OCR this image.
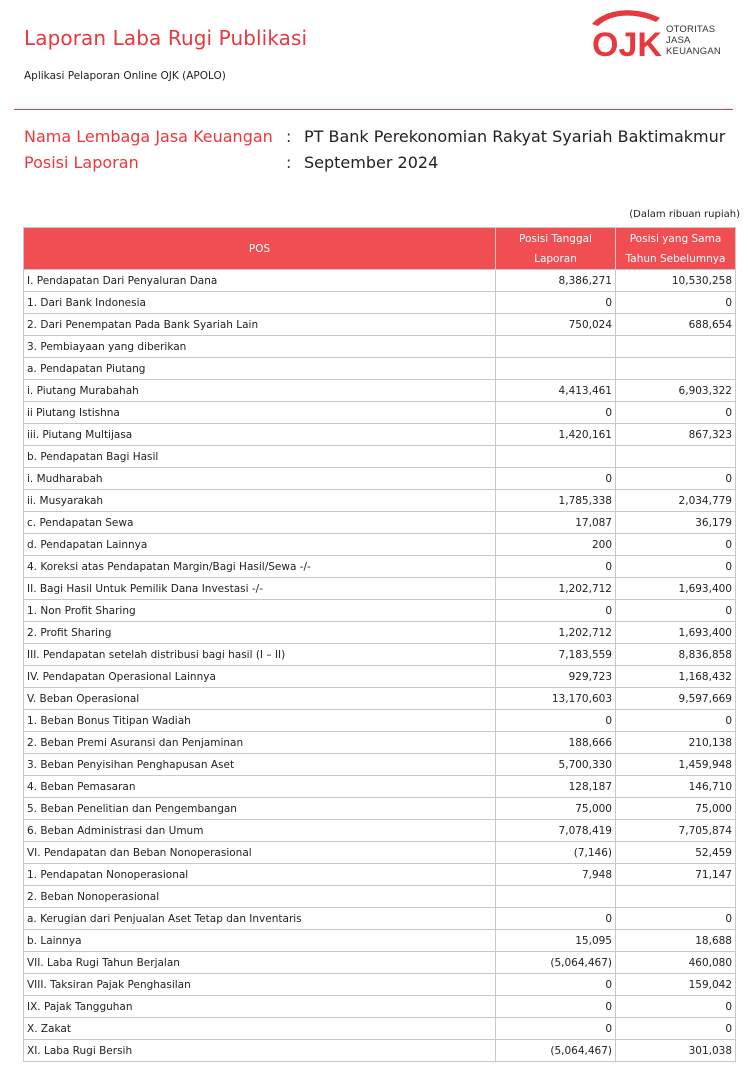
Laporan Laba Rugi Publikasi
Aplikasi Pelaporan Online OJK (APOLO)
OJK OTORITAS
JASA
KEUANGAN
Nama Lembaga Jasa Keuangan : PT Bank Perekonomian Rakyat Syariah Baktimakmur
Posisi Laporan	: September 2024
(Dalam ribuan rupiah)
POS	Posisi Tanggal Laporan	Posisi yang Sama Tahun Sebelumnya
I. Pendapatan Dari Penyaluran Dana	8,386,271	10,530,258
1. Dari Bank Indonesia	0	0
2. Dari Penempatan Pada Bank Syariah Lain	750,024	688,654
3. Pembiayaan yang diberikan		
a. Pendapatan Piutang		
i. Piutang Murabahah	4,413,461	6,903,322
ii Piutang Istishna	0	0
iii. Piutang Multijasa	1,420,161	867,323
b. Pendapatan Bagi Hasil		
i. Mudharabah	0	0
ii. Musyarakah	1,785,338	2,034,779
c. Pendapatan Sewa	17,087	36,179
d. Pendapatan Lainnya	200	0
4. Koreksi atas Pendapatan Margin/Bagi Hasil/Sewa -/-	0	0
II. Bagi Hasil Untuk Pemilik Dana Investasi -/-	1,202,712	1,693,400
1. Non Profit Sharing	0	0
2. Profit Sharing	1,202,712	1,693,400
III. Pendapatan setelah distribusi bagi hasil (I – II)	7,183,559	8,836,858
IV. Pendapatan Operasional Lainnya	929,723	1,168,432
V. Beban Operasional	13,170,603	9,597,669
1. Beban Bonus Titipan Wadiah	0	0
2. Beban Premi Asuransi dan Penjaminan	188,666	210,138
3. Beban Penyisihan Penghapusan Aset	5,700,330	1,459,948
4. Beban Pemasaran	128,187	146,710
5. Beban Penelitian dan Pengembangan	75,000	75,000
6. Beban Administrasi dan Umum	7,078,419	7,705,874
VI. Pendapatan dan Beban Nonoperasional	(7,146)	52,459
1. Pendapatan Nonoperasional	7,948	71,147
2. Beban Nonoperasional		
a. Kerugian dari Penjualan Aset Tetap dan Inventaris	0	0
b. Lainnya	15,095	18,688
VII. Laba Rugi Tahun Berjalan	(5,064,467)	460,080
VIII. Taksiran Pajak Penghasilan	0	159,042
IX. Pajak Tangguhan	0	0
X. Zakat	0	0
XI. Laba Rugi Bersih	(5,064,467)	301,038
